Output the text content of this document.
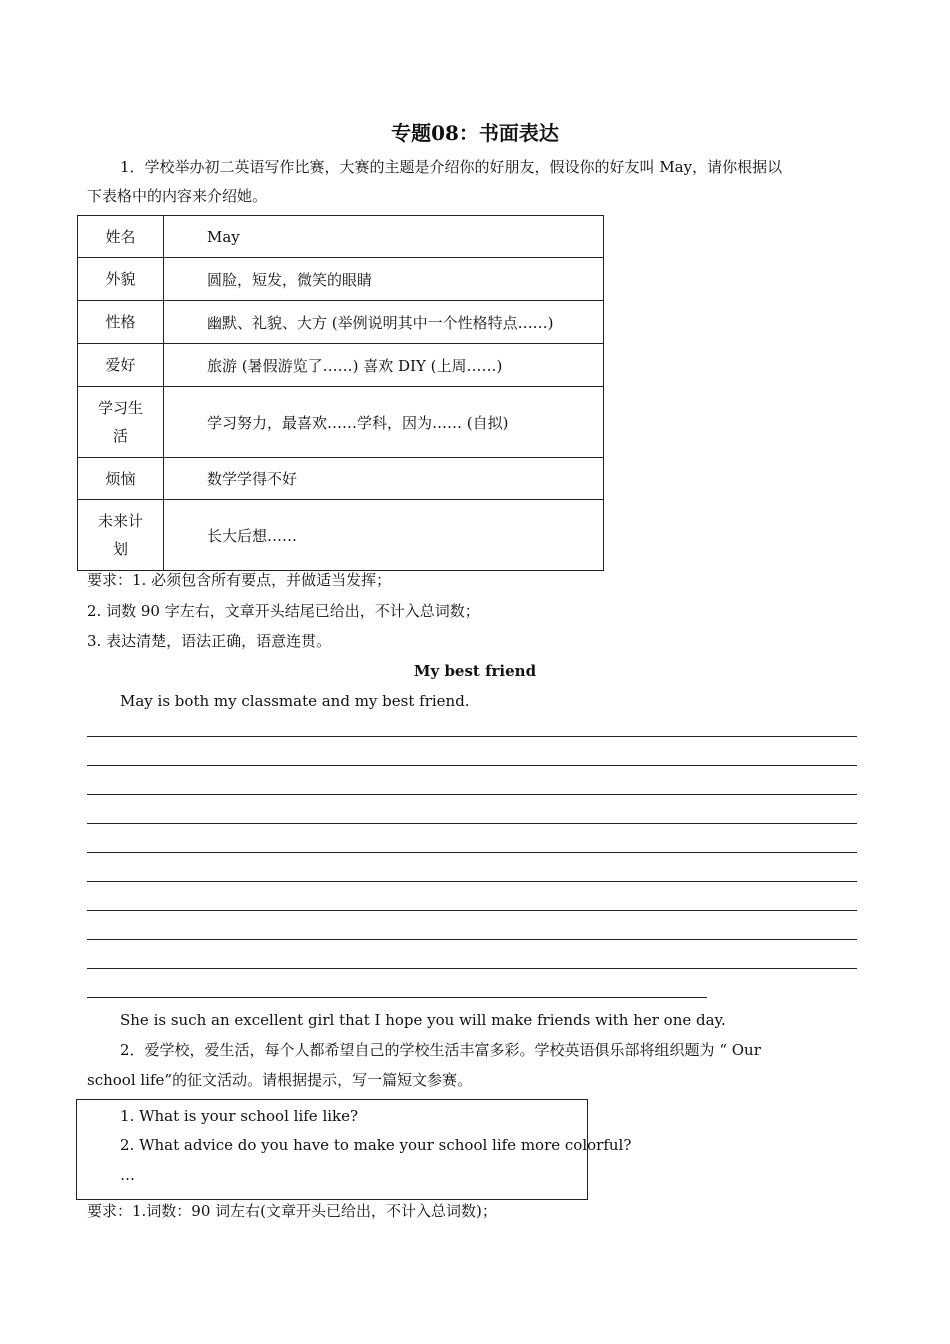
专题08：书面表达
1．学校举办初二英语写作比赛，大赛的主题是介绍你的好朋友，假设你的好友叫 May，请你根据以
下表格中的内容来介绍她。
姓名	May
外貌	圆脸，短发，微笑的眼睛
性格	幽默、礼貌、大方 (举例说明其中一个性格特点……)
爱好	旅游 (暑假游览了……) 喜欢 DIY (上周……)

学习生
活	学习努力，最喜欢……学科，因为…… (自拟)
烦恼	数学学得不好

未来计
划	长大后想……
要求：1. 必须包含所有要点，并做适当发挥；
2. 词数 90 字左右，文章开头结尾已给出，不计入总词数；
3. 表达清楚，语法正确，语意连贯。
My best friend
May is both my classmate and my best friend.
She is such an excellent girl that I hope you will make friends with her one day.
2．爱学校，爱生活，每个人都希望自己的学校生活丰富多彩。学校英语俱乐部将组织题为 “ Our
school life”的征文活动。请根据提示，写一篇短文参赛。
1. What is your school life like?
2. What advice do you have to make your school life more colorful?
…
要求：1.词数：90 词左右(文章开头已给出，不计入总词数)；
